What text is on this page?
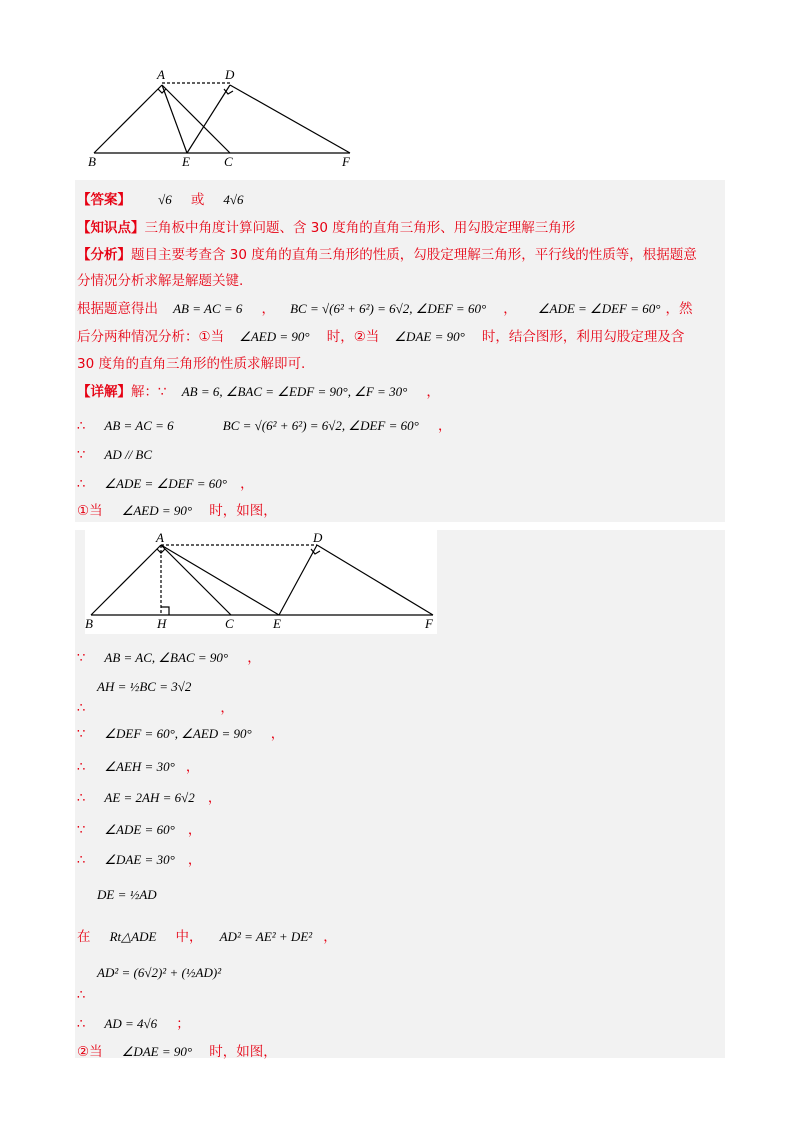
A	D
B	E	C	F
【答案】 √6 或 4√6
【知识点】三角板中角度计算问题、含 30 度角的直角三角形、用勾股定理解三角形
【分析】题目主要考查含 30 度角的直角三角形的性质，勾股定理解三角形，平行线的性质等，根据题意
分情况分析求解是解题关键.
根据题意得出 AB = AC = 6 ， BC = √(6² + 6²) = 6√2, ∠DEF = 60° ， ∠ADE = ∠DEF = 60° ，然
后分两种情况分析：①当 ∠AED = 90° 时，②当 ∠DAE = 90° 时，结合图形，利用勾股定理及含
30 度角的直角三角形的性质求解即可.
【详解】解：∵ AB = 6, ∠BAC = ∠EDF = 90°, ∠F = 30° ，
∴ AB = AC = 6	BC = √(6² + 6²) = 6√2, ∠DEF = 60° ，
∵ AD // BC
∴ ∠ADE = ∠DEF = 60° ，
①当 ∠AED = 90° 时，如图，
A	D
B	H	C	E	F
∵ AB = AC, ∠BAC = 90° ，
AH = ½BC = 3√2
∴	，
∵ ∠DEF = 60°, ∠AED = 90° ，
∴ ∠AEH = 30° ，
∴ AE = 2AH = 6√2 ，
∵ ∠ADE = 60° ，
∴ ∠DAE = 30° ，
DE = ½AD
在 Rt△ADE 中， AD² = AE² + DE² ，
AD² = (6√2)² + (½AD)²
∴
∴ AD = 4√6 ；
②当 ∠DAE = 90° 时，如图，
